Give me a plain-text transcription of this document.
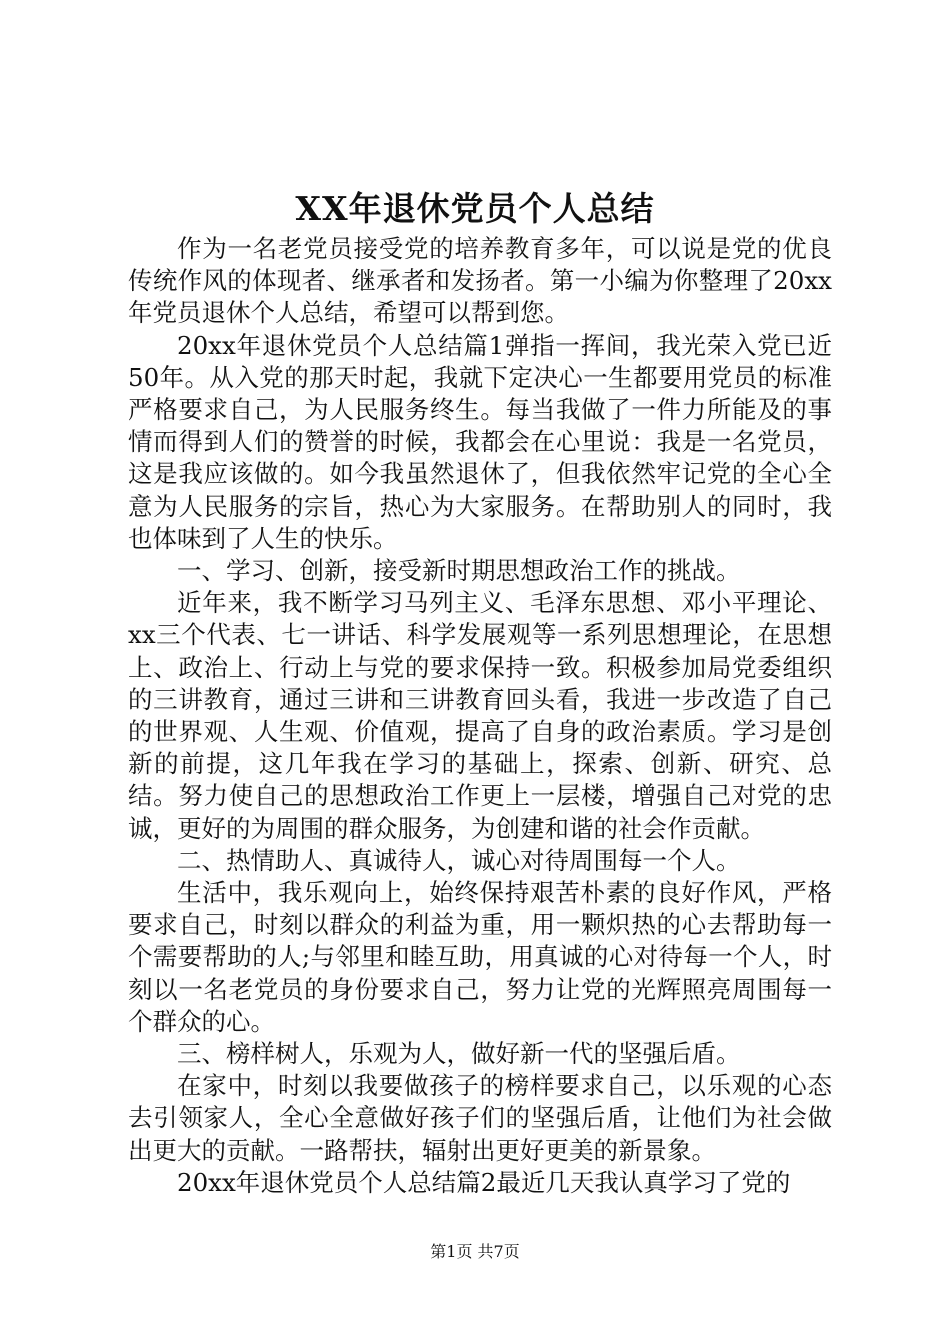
XX年退休党员个人总结

作为一名老党员接受党的培养教育多年，可以说是党的优良传统作风的体现者、继承者和发扬者。第一小编为你整理了20xx年党员退休个人总结，希望可以帮到您。

20xx年退休党员个人总结篇1弹指一挥间，我光荣入党已近50年。从入党的那天时起，我就下定决心一生都要用党员的标准严格要求自己，为人民服务终生。每当我做了一件力所能及的事情而得到人们的赞誉的时候，我都会在心里说：我是一名党员，这是我应该做的。如今我虽然退休了，但我依然牢记党的全心全意为人民服务的宗旨，热心为大家服务。在帮助别人的同时，我也体味到了人生的快乐。

一、学习、创新，接受新时期思想政治工作的挑战。

近年来，我不断学习马列主义、毛泽东思想、邓小平理论、xx三个代表、七一讲话、科学发展观等一系列思想理论，在思想上、政治上、行动上与党的要求保持一致。积极参加局党委组织的三讲教育，通过三讲和三讲教育回头看，我进一步改造了自己的世界观、人生观、价值观，提高了自身的政治素质。学习是创新的前提，这几年我在学习的基础上，探索、创新、研究、总结。努力使自己的思想政治工作更上一层楼，增强自己对党的忠诚，更好的为周围的群众服务，为创建和谐的社会作贡献。

二、热情助人、真诚待人，诚心对待周围每一个人。

生活中，我乐观向上，始终保持艰苦朴素的良好作风，严格要求自己，时刻以群众的利益为重，用一颗炽热的心去帮助每一个需要帮助的人;与邻里和睦互助，用真诚的心对待每一个人，时刻以一名老党员的身份要求自己，努力让党的光辉照亮周围每一个群众的心。

三、榜样树人，乐观为人，做好新一代的坚强后盾。

在家中，时刻以我要做孩子的榜样要求自己，以乐观的心态去引领家人，全心全意做好孩子们的坚强后盾，让他们为社会做出更大的贡献。一路帮扶，辐射出更好更美的新景象。

20xx年退休党员个人总结篇2最近几天我认真学习了党的

第1页 共7页
